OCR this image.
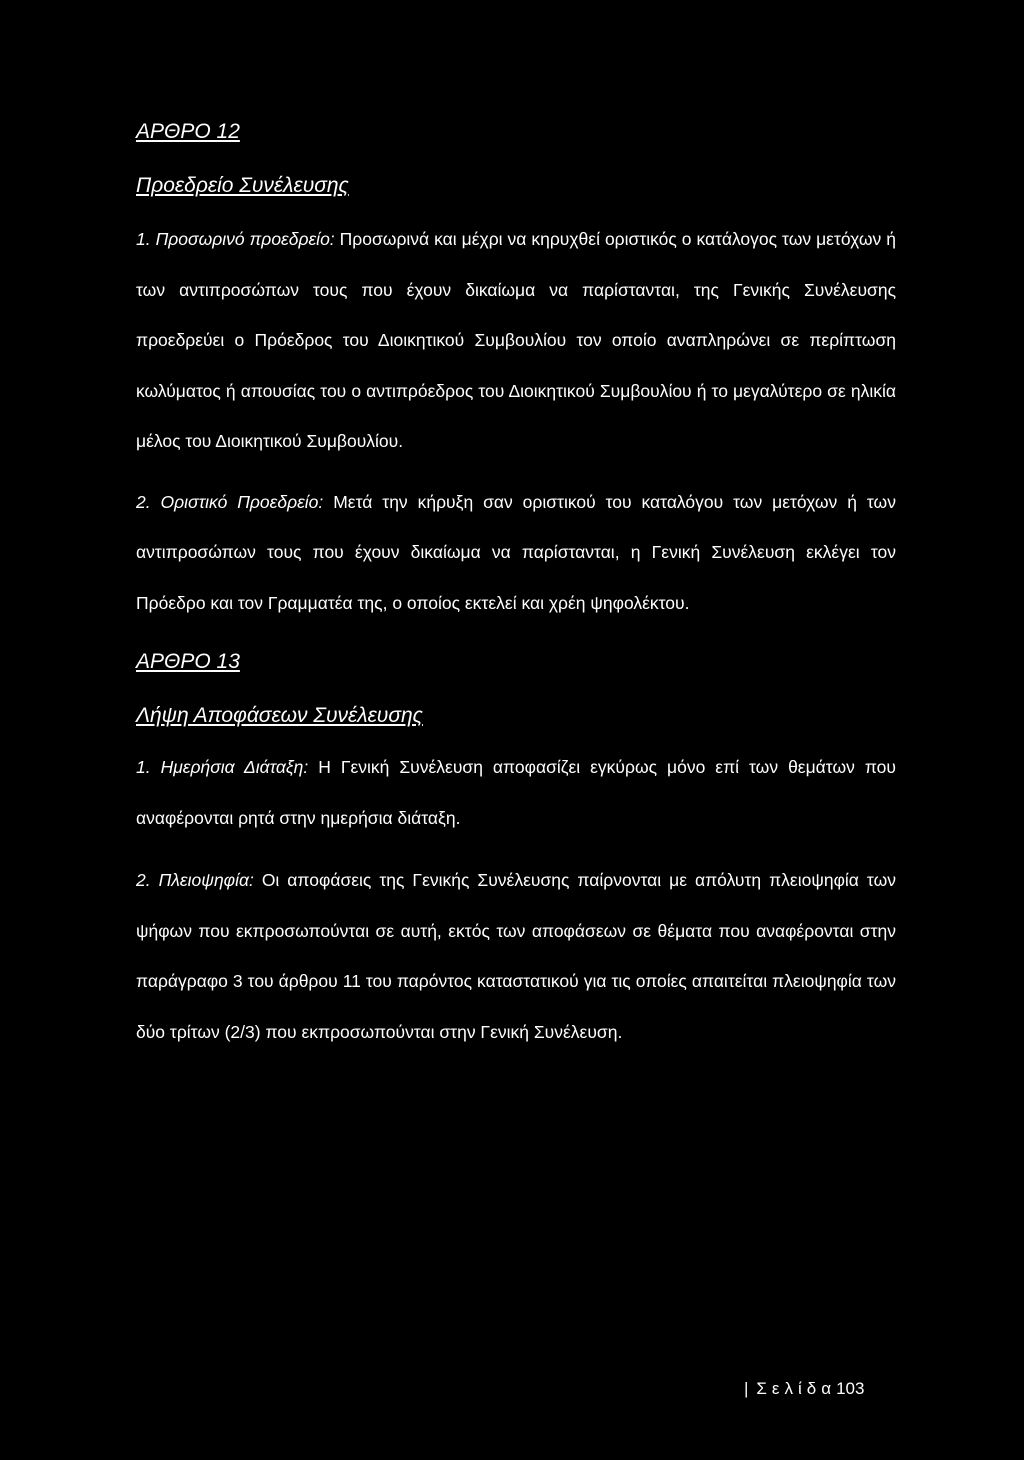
ΑΡΘΡΟ 12

Προεδρείο Συνέλευσης

1. Προσωρινό προεδρείο: Προσωρινά και μέχρι να κηρυχθεί οριστικός ο κατάλογος των μετόχων ή των αντιπροσώπων τους που έχουν δικαίωμα να παρίστανται, της Γενικής Συνέλευσης προεδρεύει ο Πρόεδρος του Διοικητικού Συμβουλίου τον οποίο αναπληρώνει σε περίπτωση κωλύματος ή απουσίας του ο αντιπρόεδρος του Διοικητικού Συμβουλίου ή το μεγαλύτερο σε ηλικία μέλος του Διοικητικού Συμβουλίου.

2. Οριστικό Προεδρείο: Μετά την κήρυξη σαν οριστικού του καταλόγου των μετόχων ή των αντιπροσώπων τους που έχουν δικαίωμα να παρίστανται, η Γενική Συνέλευση εκλέγει τον Πρόεδρο και τον Γραμματέα της, ο οποίος εκτελεί και χρέη ψηφολέκτου.

ΑΡΘΡΟ 13

Λήψη Αποφάσεων Συνέλευσης

1. Ημερήσια Διάταξη: Η Γενική Συνέλευση αποφασίζει εγκύρως μόνο επί των θεμάτων που αναφέρονται ρητά στην ημερήσια διάταξη.

2. Πλειοψηφία: Οι αποφάσεις της Γενικής Συνέλευσης παίρνονται με απόλυτη πλειοψηφία των ψήφων που εκπροσωπούνται σε αυτή, εκτός των αποφάσεων σε θέματα που αναφέρονται στην παράγραφο 3 του άρθρου 11 του παρόντος καταστατικού για τις οποίες απαιτείται πλειοψηφία των δύο τρίτων (2/3) που εκπροσωπούνται στην Γενική Συνέλευση.

| Σελίδα103
